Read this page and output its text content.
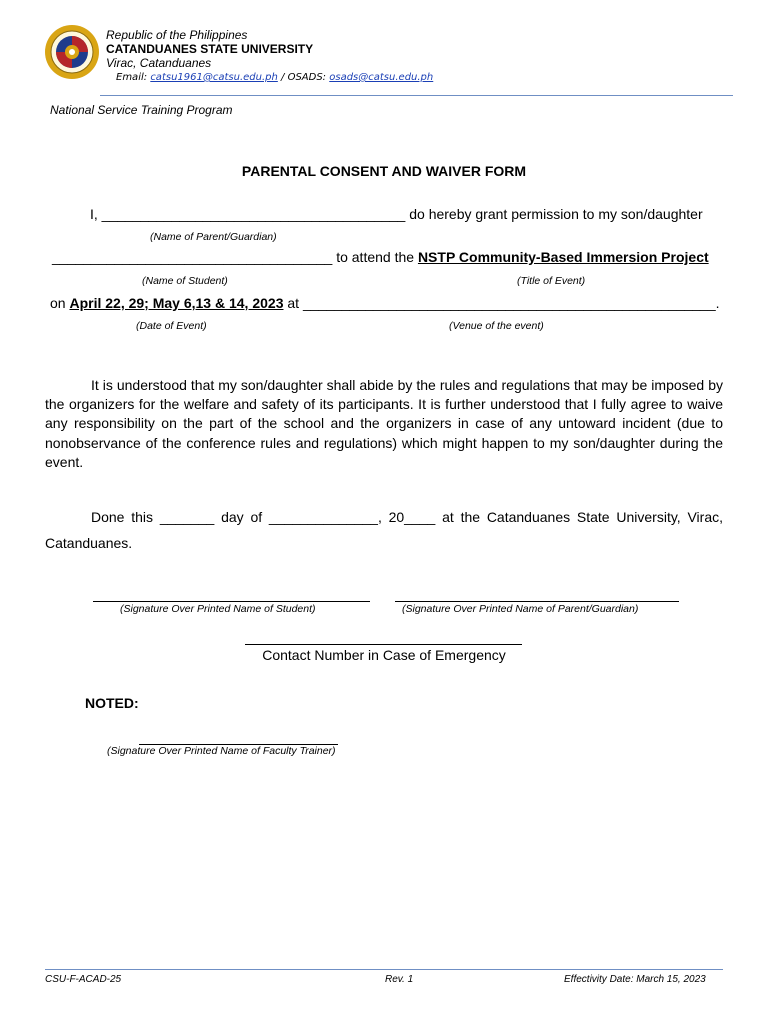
Republic of the Philippines
CATANDUANES STATE UNIVERSITY
Virac, Catanduanes
Email: catsu1961@catsu.edu.ph / OSADS: osads@catsu.edu.ph
National Service Training Program
PARENTAL CONSENT AND WAIVER FORM
I, _______________________________________ do hereby grant permission to my son/daughter
(Name of Parent/Guardian)
____________________________________ to attend the NSTP Community-Based Immersion Project
(Name of Student)	(Title of Event)
on April 22, 29; May 6,13 & 14, 2023 at _____________________________________________________.
(Date of Event)	(Venue of the event)
It is understood that my son/daughter shall abide by the rules and regulations that may be imposed by the organizers for the welfare and safety of its participants. It is further understood that I fully agree to waive any responsibility on the part of the school and the organizers in case of any untoward incident (due to nonobservance of the conference rules and regulations) which might happen to my son/daughter during the event.
Done this _______ day of ______________, 20____ at the Catanduanes State University, Virac, Catanduanes.
(Signature Over Printed Name of Student)	(Signature Over Printed Name of Parent/Guardian)
Contact Number in Case of Emergency
NOTED:
(Signature Over Printed Name of Faculty Trainer)
CSU-F-ACAD-25	Rev. 1	Effectivity Date: March 15, 2023
